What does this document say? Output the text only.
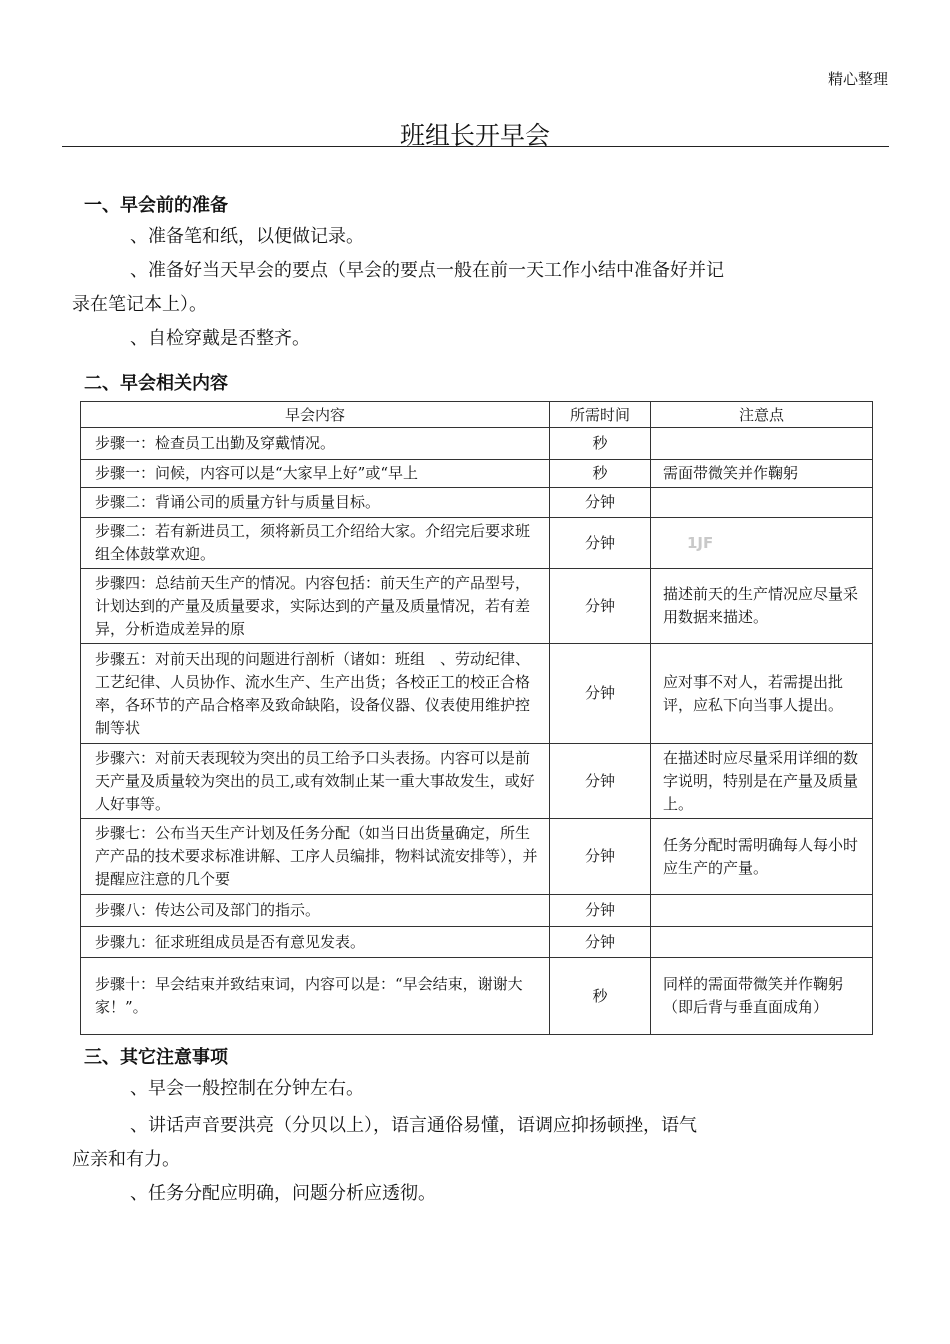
精心整理
班组长开早会
一、早会前的准备
、准备笔和纸，以便做记录。
、准备好当天早会的要点（早会的要点一般在前一天工作小结中准备好并记
录在笔记本上）。
、自检穿戴是否整齐。
二、早会相关内容
早会内容	所需时间	注意点
步骤一：检查员工出勤及穿戴情况。	秒	
步骤一：问候，内容可以是“大家早上好”或“早上	秒	需面带微笑并作鞠躬
步骤二：背诵公司的质量方针与质量目标。	分钟	
步骤二：若有新进员工，须将新员工介绍给大家。介绍完后要求班组全体鼓掌欢迎。	分钟	1JF
步骤四：总结前天生产的情况。内容包括：前天生产的产品型号，计划达到的产量及质量要求，实际达到的产量及质量情况，若有差异，分析造成差异的原	分钟	描述前天的生产情况应尽量采用数据来描述。
步骤五：对前天出现的问题进行剖析（诸如：班组　、劳动纪律、工艺纪律、人员协作、流水生产、生产出货；各校正工的校正合格率，各环节的产品合格率及致命缺陷，设备仪器、仪表使用维护控制等状	分钟	应对事不对人，若需提出批评，应私下向当事人提出。
步骤六：对前天表现较为突出的员工给予口头表扬。内容可以是前天产量及质量较为突出的员工,或有效制止某一重大事故发生，或好人好事等。	分钟	在描述时应尽量采用详细的数字说明，特别是在产量及质量上。
步骤七：公布当天生产计划及任务分配（如当日出货量确定，所生产产品的技术要求标准讲解、工序人员编排，物料试流安排等），并提醒应注意的几个要	分钟	任务分配时需明确每人每小时应生产的产量。
步骤八：传达公司及部门的指示。	分钟	
步骤九：征求班组成员是否有意见发表。	分钟	
步骤十：早会结束并致结束词，内容可以是：“早会结束，谢谢大家！”。	秒	同样的需面带微笑并作鞠躬（即后背与垂直面成角）
三、其它注意事项
、早会一般控制在分钟左右。
、讲话声音要洪亮（分贝以上），语言通俗易懂，语调应抑扬顿挫，语气
应亲和有力。
、任务分配应明确，问题分析应透彻。
